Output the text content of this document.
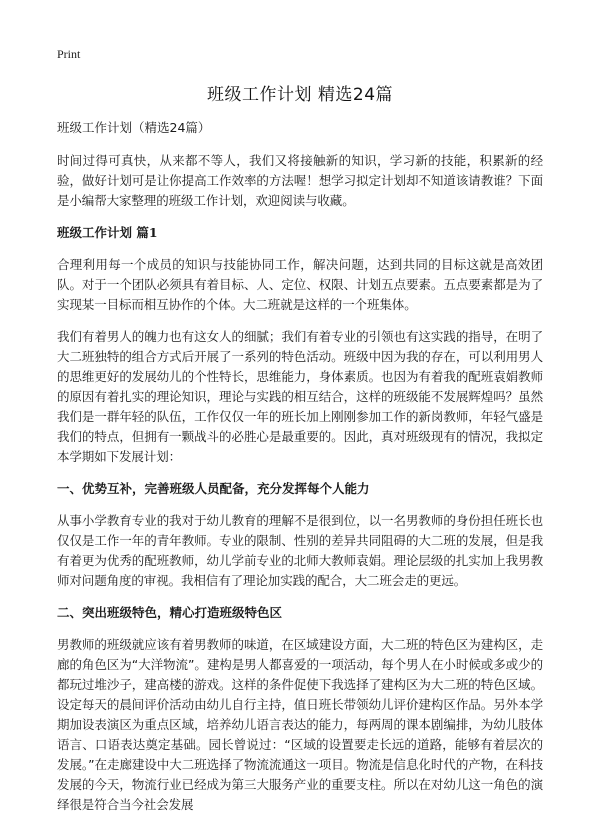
Print
班级工作计划 精选24篇
班级工作计划（精选24篇）

时间过得可真快，从来都不等人，我们又将接触新的知识，学习新的技能，积累新的经验，做好计划可是让你提高工作效率的方法喔！想学习拟定计划却不知道该请教谁？下面是小编帮大家整理的班级工作计划，欢迎阅读与收藏。

班级工作计划 篇1

合理利用每一个成员的知识与技能协同工作，解决问题，达到共同的目标这就是高效团队。对于一个团队必须具有着目标、人、定位、权限、计划五点要素。五点要素都是为了实现某一目标而相互协作的个体。大二班就是这样的一个班集体。

我们有着男人的魄力也有这女人的细腻；我们有着专业的引领也有这实践的指导，在明了大二班独特的组合方式后开展了一系列的特色活动。班级中因为我的存在，可以利用男人的思维更好的发展幼儿的个性特长，思维能力，身体素质。也因为有着我的配班袁娟教师的原因有着扎实的理论知识，理论与实践的相互结合，这样的班级能不发展辉煌吗？虽然我们是一群年轻的队伍，工作仅仅一年的班长加上刚刚参加工作的新岗教师，年轻气盛是我们的特点，但拥有一颗战斗的必胜心是最重要的。因此，真对班级现有的情况，我拟定本学期如下发展计划：

一、优势互补，完善班级人员配备，充分发挥每个人能力

从事小学教育专业的我对于幼儿教育的理解不是很到位，以一名男教师的身份担任班长也仅仅是工作一年的青年教师。专业的限制、性别的差异共同阻碍的大二班的发展，但是我有着更为优秀的配班教师，幼儿学前专业的北师大教师袁娟。理论层级的扎实加上我男教师对问题角度的审视。我相信有了理论加实践的配合，大二班会走的更远。

二、突出班级特色，精心打造班级特色区

男教师的班级就应该有着男教师的味道，在区域建设方面，大二班的特色区为建构区，走廊的角色区为“大洋物流”。建构是男人都喜爱的一项活动，每个男人在小时候或多或少的都玩过堆沙子，建高楼的游戏。这样的条件促使下我选择了建构区为大二班的特色区域。设定每天的晨间评价活动由幼儿自行主持，值日班长带领幼儿评价建构区作品。另外本学期加设表演区为重点区域，培养幼儿语言表达的能力，每两周的课本剧编排，为幼儿肢体语言、口语表达奠定基础。园长曾说过：“区域的设置要走长远的道路，能够有着层次的发展。”在走廊建设中大二班选择了物流流通这一项目。物流是信息化时代的产物，在科技发展的今天，物流行业已经成为第三大服务产业的重要支柱。所以在对幼儿这一角色的演绎很是符合当今社会发展
